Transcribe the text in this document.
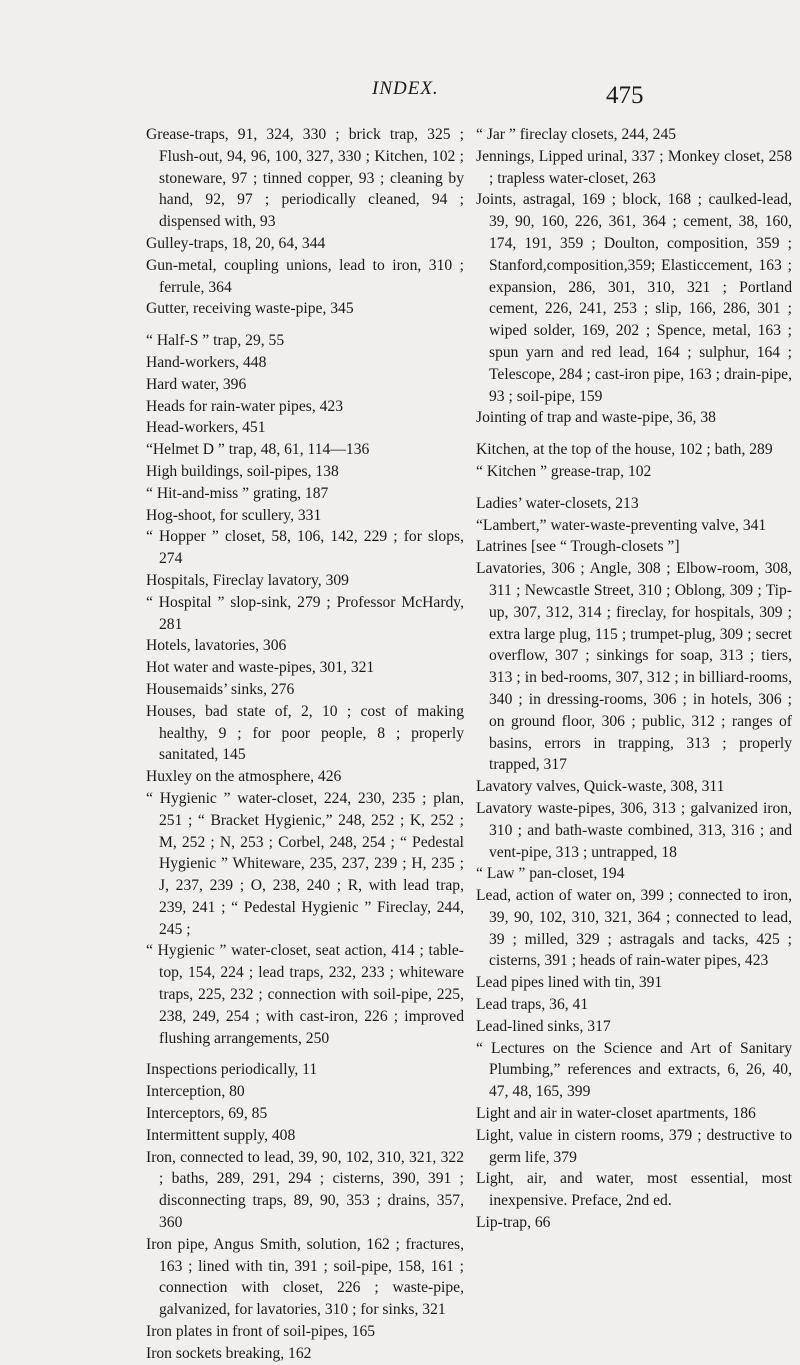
INDEX.	475
Grease-traps, 91, 324, 330 ; brick trap, 325 ; Flush-out, 94, 96, 100, 327, 330 ; Kitchen, 102 ; stoneware, 97 ; tinned copper, 93 ; cleaning by hand, 92, 97 ; periodically cleaned, 94 ; dispensed with, 93
Gulley-traps, 18, 20, 64, 344
Gun-metal, coupling unions, lead to iron, 310 ; ferrule, 364
Gutter, receiving waste-pipe, 345
“ Half-S ” trap, 29, 55
Hand-workers, 448
Hard water, 396
Heads for rain-water pipes, 423
Head-workers, 451
“Helmet D ” trap, 48, 61, 114—136
High buildings, soil-pipes, 138
“ Hit-and-miss ” grating, 187
Hog-shoot, for scullery, 331
“ Hopper ” closet, 58, 106, 142, 229 ; for slops, 274
Hospitals, Fireclay lavatory, 309
“ Hospital ” slop-sink, 279 ; Professor McHardy, 281
Hotels, lavatories, 306
Hot water and waste-pipes, 301, 321
Housemaids’ sinks, 276
Houses, bad state of, 2, 10 ; cost of making healthy, 9 ; for poor people, 8 ; properly sanitated, 145
Huxley on the atmosphere, 426
“ Hygienic ” water-closet, 224, 230, 235 ; plan, 251 ; “ Bracket Hygienic,” 248, 252 ; K, 252 ; M, 252 ; N, 253 ; Corbel, 248, 254 ; “ Pedestal Hygienic ” Whiteware, 235, 237, 239 ; H, 235 ; J, 237, 239 ; O, 238, 240 ; R, with lead trap, 239, 241 ; “ Pedestal Hygienic ” Fireclay, 244, 245 ;
“ Hygienic ” water-closet, seat action, 414 ; table-top, 154, 224 ; lead traps, 232, 233 ; whiteware traps, 225, 232 ; connection with soil-pipe, 225, 238, 249, 254 ; with cast-iron, 226 ; improved flushing arrangements, 250
Inspections periodically, 11
Interception, 80
Interceptors, 69, 85
Intermittent supply, 408
Iron, connected to lead, 39, 90, 102, 310, 321, 322 ; baths, 289, 291, 294 ; cisterns, 390, 391 ; disconnecting traps, 89, 90, 353 ; drains, 357, 360
Iron pipe, Angus Smith, solution, 162 ; fractures, 163 ; lined with tin, 391 ; soil-pipe, 158, 161 ; connection with closet, 226 ; waste-pipe, galvanized, for lavatories, 310 ; for sinks, 321
Iron plates in front of soil-pipes, 165
Iron sockets breaking, 162
“ Jar ” fireclay closets, 244, 245
Jennings, Lipped urinal, 337 ; Monkey closet, 258 ; trapless water-closet, 263
Joints, astragal, 169 ; block, 168 ; caulked-lead, 39, 90, 160, 226, 361, 364 ; cement, 38, 160, 174, 191, 359 ; Doulton, composition, 359 ; Stanford,composition,359; Elasticcement, 163 ; expansion, 286, 301, 310, 321 ; Portland cement, 226, 241, 253 ; slip, 166, 286, 301 ; wiped solder, 169, 202 ; Spence, metal, 163 ; spun yarn and red lead, 164 ; sulphur, 164 ; Telescope, 284 ; cast-iron pipe, 163 ; drain-pipe, 93 ; soil-pipe, 159
Jointing of trap and waste-pipe, 36, 38
Kitchen, at the top of the house, 102 ; bath, 289
“ Kitchen ” grease-trap, 102
Ladies’ water-closets, 213
“Lambert,” water-waste-preventing valve, 341
Latrines [see “ Trough-closets ”]
Lavatories, 306 ; Angle, 308 ; Elbow-room, 308, 311 ; Newcastle Street, 310 ; Oblong, 309 ; Tip-up, 307, 312, 314 ; fireclay, for hospitals, 309 ; extra large plug, 115 ; trumpet-plug, 309 ; secret overflow, 307 ; sinkings for soap, 313 ; tiers, 313 ; in bed-rooms, 307, 312 ; in billiard-rooms, 340 ; in dressing-rooms, 306 ; in hotels, 306 ; on ground floor, 306 ; public, 312 ; ranges of basins, errors in trapping, 313 ; properly trapped, 317
Lavatory valves, Quick-waste, 308, 311
Lavatory waste-pipes, 306, 313 ; galvanized iron, 310 ; and bath-waste combined, 313, 316 ; and vent-pipe, 313 ; untrapped, 18
“ Law ” pan-closet, 194
Lead, action of water on, 399 ; connected to iron, 39, 90, 102, 310, 321, 364 ; connected to lead, 39 ; milled, 329 ; astragals and tacks, 425 ; cisterns, 391 ; heads of rain-water pipes, 423
Lead pipes lined with tin, 391
Lead traps, 36, 41
Lead-lined sinks, 317
“ Lectures on the Science and Art of Sanitary Plumbing,” references and extracts, 6, 26, 40, 47, 48, 165, 399
Light and air in water-closet apartments, 186
Light, value in cistern rooms, 379 ; destructive to germ life, 379
Light, air, and water, most essential, most inexpensive. Preface, 2nd ed.
Lip-trap, 66
